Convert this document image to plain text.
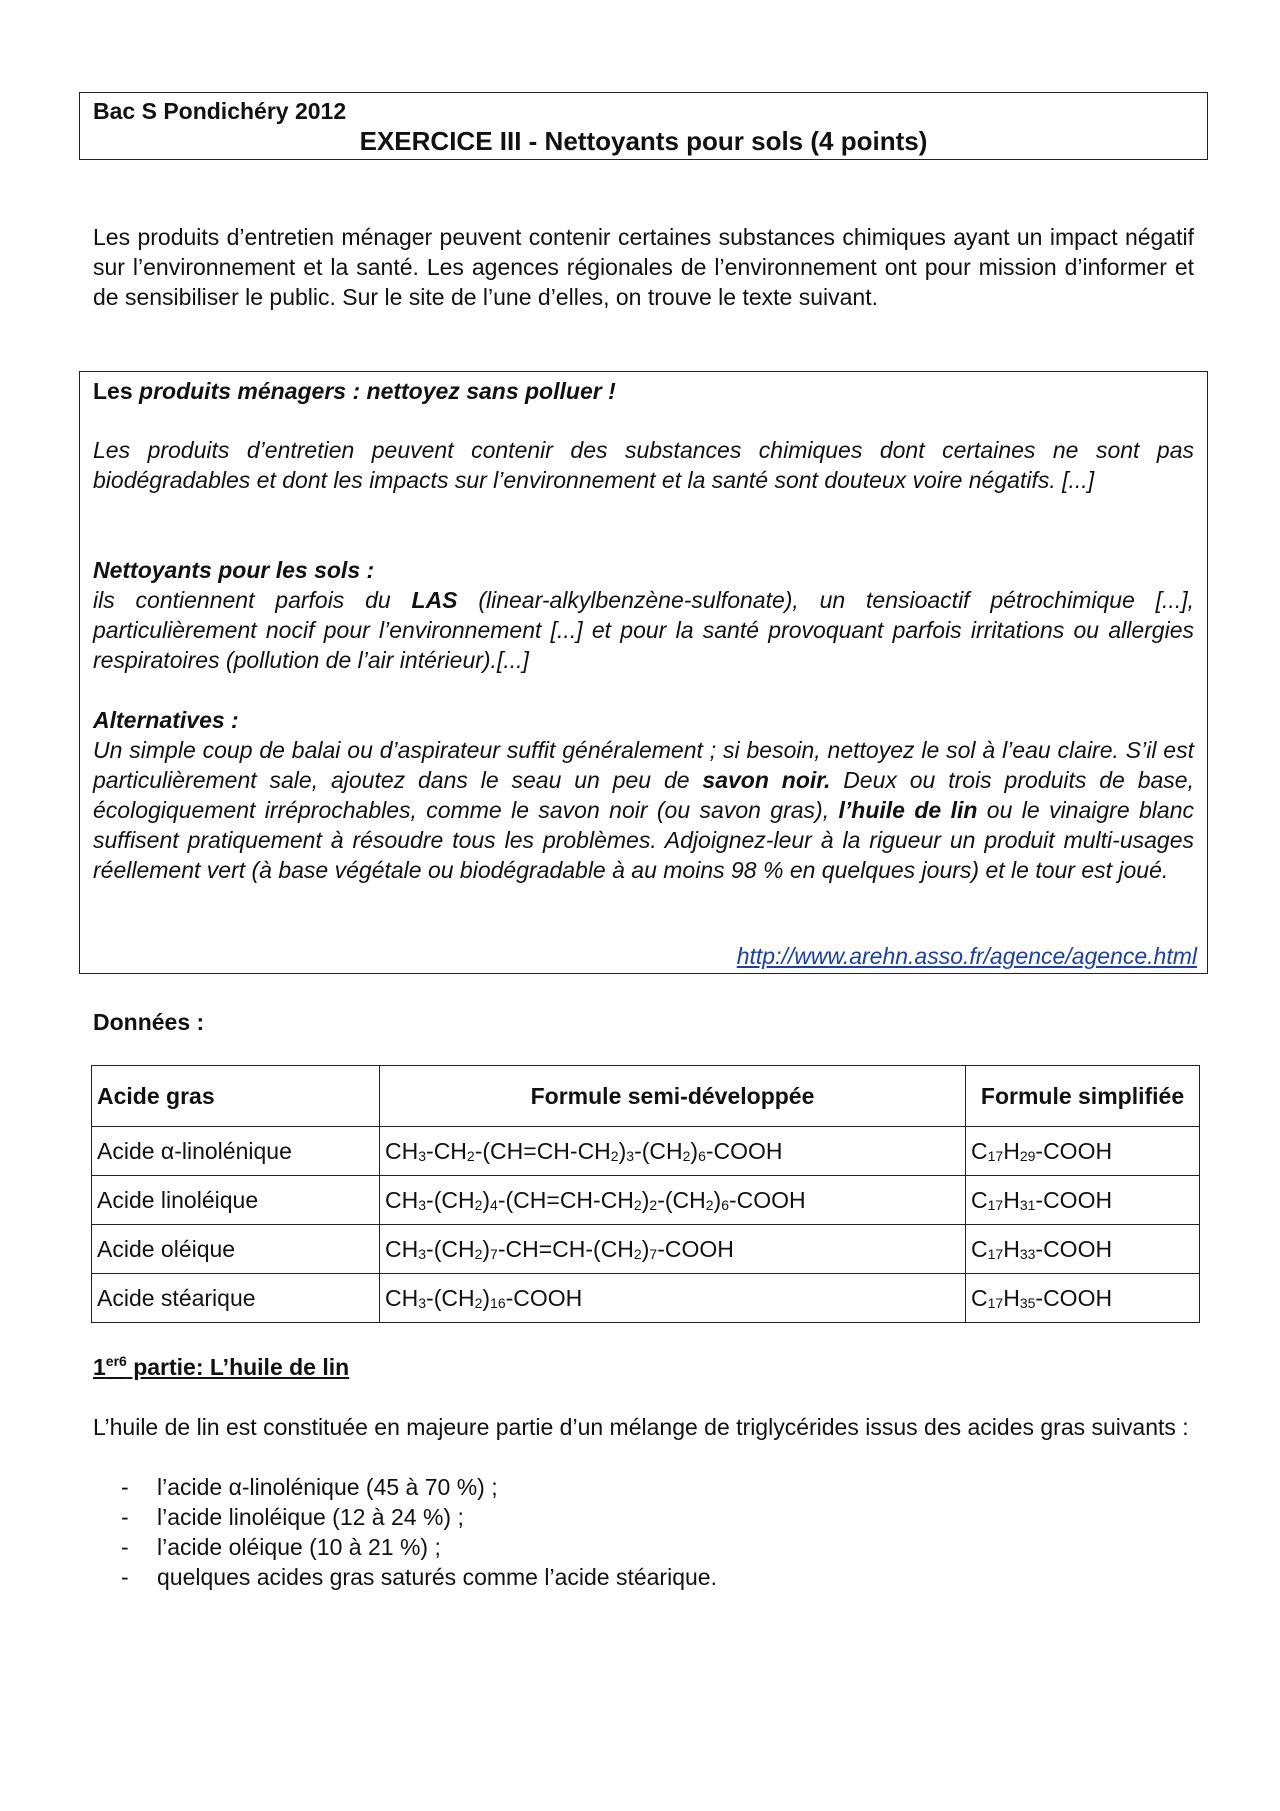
Bac S Pondichéry 2012
EXERCICE III - Nettoyants pour sols (4 points)

Les produits d’entretien ménager peuvent contenir certaines substances chimiques ayant un impact négatif sur l’environnement et la santé. Les agences régionales de l’environnement ont pour mission d’informer et de sensibiliser le public. Sur le site de l’une d’elles, on trouve le texte suivant.

Les produits ménagers : nettoyez sans polluer !

Les produits d’entretien peuvent contenir des substances chimiques dont certaines ne sont pas biodégradables et dont les impacts sur l’environnement et la santé sont douteux voire négatifs. [...]

Nettoyants pour les sols :

ils contiennent parfois du LAS (linear-alkylbenzène-sulfonate), un tensioactif pétrochimique [...], particulièrement nocif pour l’environnement [...] et pour la santé provoquant parfois irritations ou allergies respiratoires (pollution de l’air intérieur).[...]

Alternatives :

Un simple coup de balai ou d’aspirateur suffit généralement ; si besoin, nettoyez le sol à l’eau claire. S’il est particulièrement sale, ajoutez dans le seau un peu de savon noir. Deux ou trois produits de base, écologiquement irréprochables, comme le savon noir (ou savon gras), l’huile de lin ou le vinaigre blanc suffisent pratiquement à résoudre tous les problèmes. Adjoignez-leur à la rigueur un produit multi-usages réellement vert (à base végétale ou biodégradable à au moins 98 % en quelques jours) et le tour est joué.

http://www.arehn.asso.fr/agence/agence.html

Données :

Acide gras	Formule semi-développée	Formule simplifiée
Acide α-linolénique	$CH_3-CH_2-(CH=CH-CH_2)_3-(CH_2)_6$-COOH	$C_{17}H_{29}$-COOH
Acide linoléique	$CH_3-(CH_2)_4-(CH=CH-CH_2)_2-(CH_2)_6$-COOH	$C_{17}H_{31}$-COOH
Acide oléique	$CH_3-(CH_2)_7-CH=CH-(CH_2)_7$-COOH	$C_{17}H_{33}$-COOH
Acide stéarique	$CH_3-(CH_2)_{16}$-COOH	$C_{17}H_{35}$-COOH

$1^{er6}$ partie: L’huile de lin

L’huile de lin est constituée en majeure partie d’un mélange de triglycérides issus des acides gras suivants :

- l’acide α-linolénique (45 à 70 %) ;
- l’acide linoléique (12 à 24 %) ;
- l’acide oléique (10 à 21 %) ;
- quelques acides gras saturés comme l’acide stéarique.
